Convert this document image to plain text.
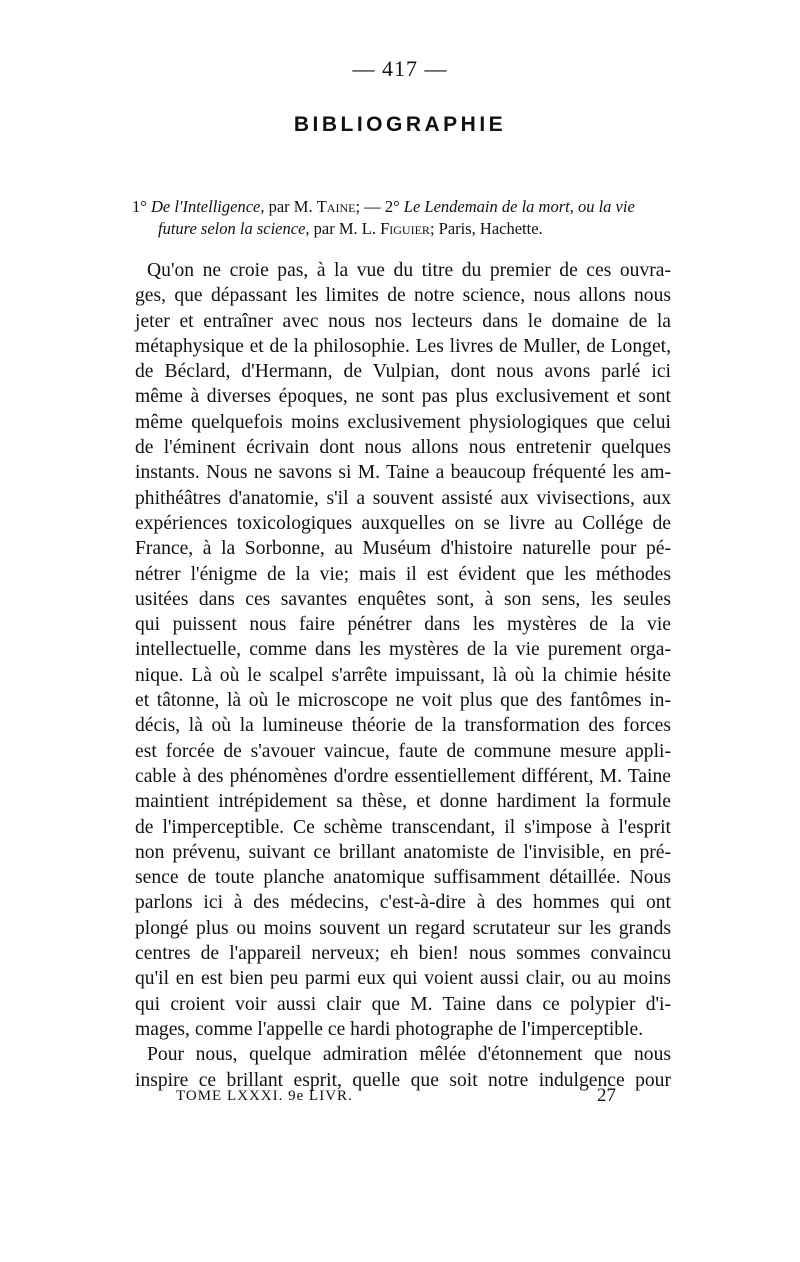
— 417 —
BIBLIOGRAPHIE
1° De l'Intelligence, par M. Taine; — 2° Le Lendemain de la mort, ou la vie
future selon la science, par M. L. Figuier; Paris, Hachette.
Qu'on ne croie pas, à la vue du titre du premier de ces ouvra-
ges, que dépassant les limites de notre science, nous allons nous
jeter et entraîner avec nous nos lecteurs dans le domaine de la
métaphysique et de la philosophie. Les livres de Muller, de Longet,
de Béclard, d'Hermann, de Vulpian, dont nous avons parlé ici
même à diverses époques, ne sont pas plus exclusivement et sont
même quelquefois moins exclusivement physiologiques que celui
de l'éminent écrivain dont nous allons nous entretenir quelques
instants. Nous ne savons si M. Taine a beaucoup fréquenté les am-
phithéâtres d'anatomie, s'il a souvent assisté aux vivisections, aux
expériences toxicologiques auxquelles on se livre au Collége de
France, à la Sorbonne, au Muséum d'histoire naturelle pour pé-
nétrer l'énigme de la vie; mais il est évident que les méthodes
usitées dans ces savantes enquêtes sont, à son sens, les seules
qui puissent nous faire pénétrer dans les mystères de la vie
intellectuelle, comme dans les mystères de la vie purement orga-
nique. Là où le scalpel s'arrête impuissant, là où la chimie hésite
et tâtonne, là où le microscope ne voit plus que des fantômes in-
décis, là où la lumineuse théorie de la transformation des forces
est forcée de s'avouer vaincue, faute de commune mesure appli-
cable à des phénomènes d'ordre essentiellement différent, M. Taine
maintient intrépidement sa thèse, et donne hardiment la formule
de l'imperceptible. Ce schème transcendant, il s'impose à l'esprit
non prévenu, suivant ce brillant anatomiste de l'invisible, en pré-
sence de toute planche anatomique suffisamment détaillée. Nous
parlons ici à des médecins, c'est-à-dire à des hommes qui ont
plongé plus ou moins souvent un regard scrutateur sur les grands
centres de l'appareil nerveux; eh bien! nous sommes convaincu
qu'il en est bien peu parmi eux qui voient aussi clair, ou au moins
qui croient voir aussi clair que M. Taine dans ce polypier d'i-
mages, comme l'appelle ce hardi photographe de l'imperceptible.
Pour nous, quelque admiration mêlée d'étonnement que nous
inspire ce brillant esprit, quelle que soit notre indulgence pour
TOME LXXXI. 9e LIVR.	27
